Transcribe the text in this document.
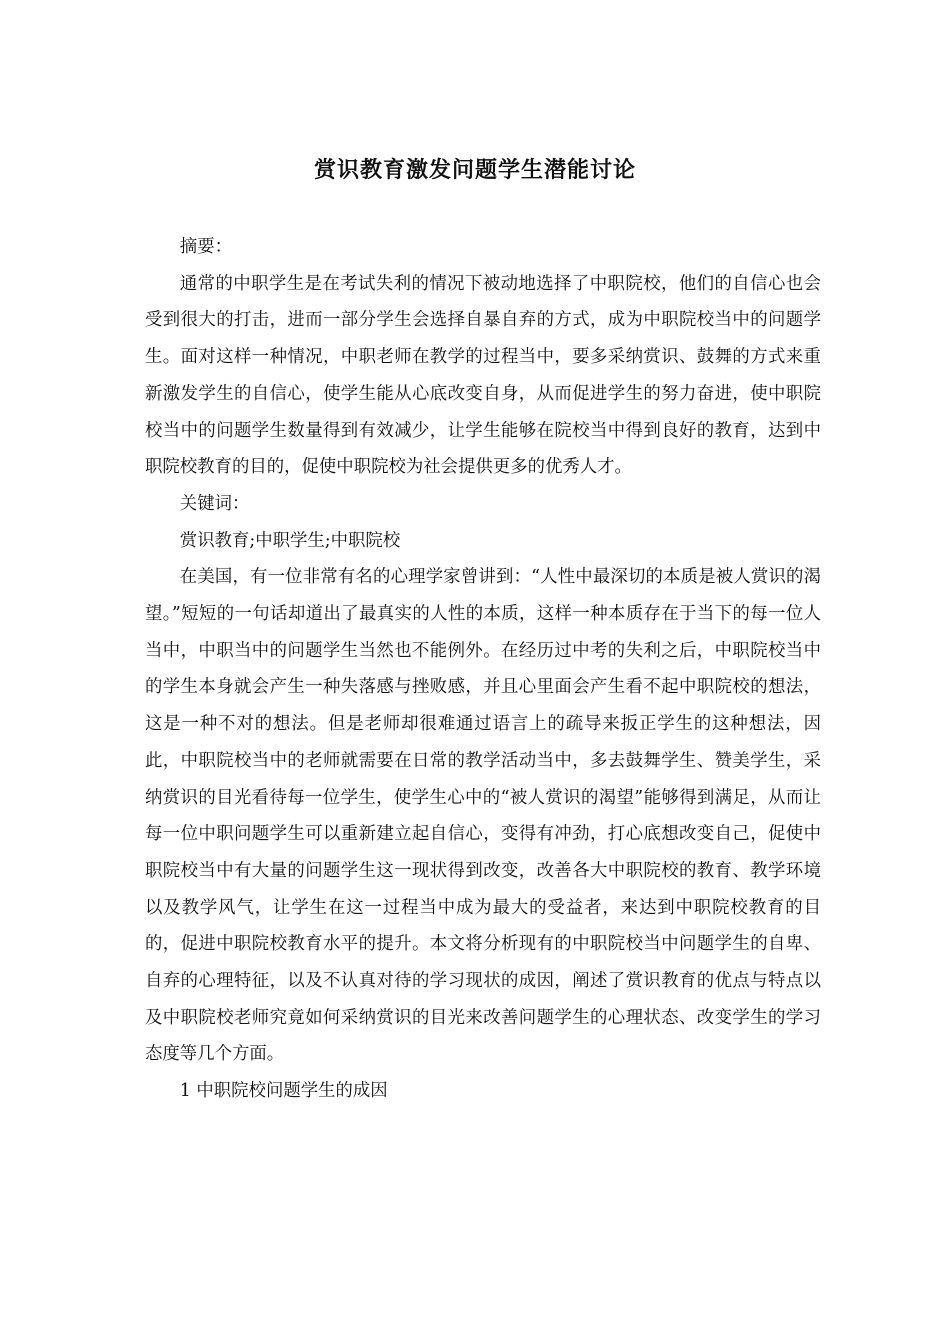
赏识教育激发问题学生潜能讨论

摘要：

通常的中职学生是在考试失利的情况下被动地选择了中职院校，他们的自信心也会受到很大的打击，进而一部分学生会选择自暴自弃的方式，成为中职院校当中的问题学生。面对这样一种情况，中职老师在教学的过程当中，要多采纳赏识、鼓舞的方式来重新激发学生的自信心，使学生能从心底改变自身，从而促进学生的努力奋进，使中职院校当中的问题学生数量得到有效减少，让学生能够在院校当中得到良好的教育，达到中职院校教育的目的，促使中职院校为社会提供更多的优秀人才。

关键词：

赏识教育;中职学生;中职院校

在美国，有一位非常有名的心理学家曾讲到：“人性中最深切的本质是被人赏识的渴望。”短短的一句话却道出了最真实的人性的本质，这样一种本质存在于当下的每一位人当中，中职当中的问题学生当然也不能例外。在经历过中考的失利之后，中职院校当中的学生本身就会产生一种失落感与挫败感，并且心里面会产生看不起中职院校的想法，这是一种不对的想法。但是老师却很难通过语言上的疏导来扳正学生的这种想法，因此，中职院校当中的老师就需要在日常的教学活动当中，多去鼓舞学生、赞美学生，采纳赏识的目光看待每一位学生，使学生心中的“被人赏识的渴望”能够得到满足，从而让每一位中职问题学生可以重新建立起自信心，变得有冲劲，打心底想改变自己，促使中职院校当中有大量的问题学生这一现状得到改变，改善各大中职院校的教育、教学环境以及教学风气，让学生在这一过程当中成为最大的受益者，来达到中职院校教育的目的，促进中职院校教育水平的提升。本文将分析现有的中职院校当中问题学生的自卑、自弃的心理特征，以及不认真对待的学习现状的成因，阐述了赏识教育的优点与特点以及中职院校老师究竟如何采纳赏识的目光来改善问题学生的心理状态、改变学生的学习态度等几个方面。

1 中职院校问题学生的成因
